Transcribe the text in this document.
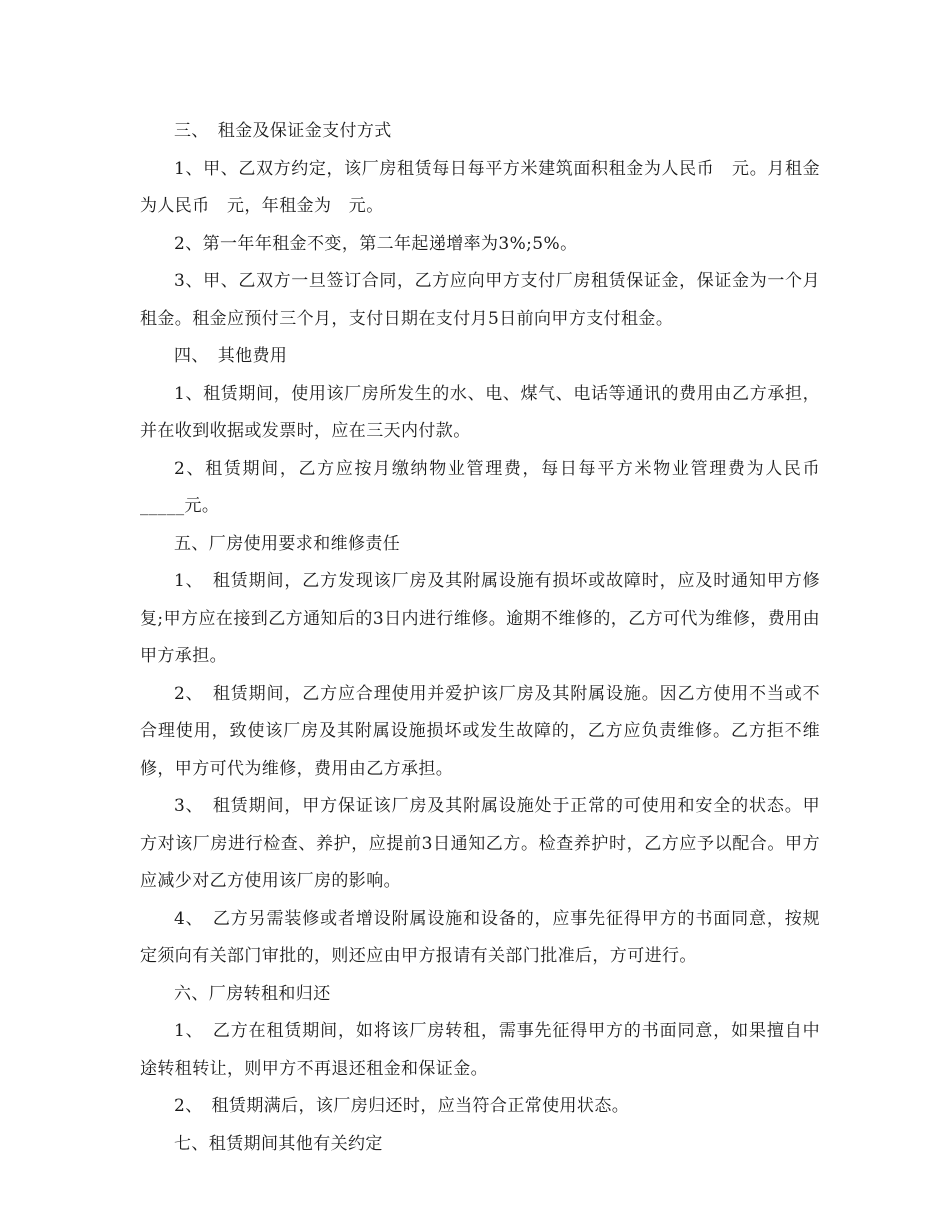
三、　租金及保证金支付方式

1、甲、乙双方约定，该厂房租赁每日每平方米建筑面积租金为人民币　元。月租金为人民币　元，年租金为　元。

2、第一年年租金不变，第二年起递增率为3%;5%。

3、甲、乙双方一旦签订合同，乙方应向甲方支付厂房租赁保证金，保证金为一个月租金。租金应预付三个月，支付日期在支付月5日前向甲方支付租金。

四、　其他费用

1、租赁期间，使用该厂房所发生的水、电、煤气、电话等通讯的费用由乙方承担，并在收到收据或发票时，应在三天内付款。

2、租赁期间，乙方应按月缴纳物业管理费，每日每平方米物业管理费为人民币_____元。

五、厂房使用要求和维修责任

1、　租赁期间，乙方发现该厂房及其附属设施有损坏或故障时，应及时通知甲方修复;甲方应在接到乙方通知后的3日内进行维修。逾期不维修的，乙方可代为维修，费用由甲方承担。

2、　租赁期间，乙方应合理使用并爱护该厂房及其附属设施。因乙方使用不当或不合理使用，致使该厂房及其附属设施损坏或发生故障的，乙方应负责维修。乙方拒不维修，甲方可代为维修，费用由乙方承担。

3、　租赁期间，甲方保证该厂房及其附属设施处于正常的可使用和安全的状态。甲方对该厂房进行检查、养护，应提前3日通知乙方。检查养护时，乙方应予以配合。甲方应减少对乙方使用该厂房的影响。

4、　乙方另需装修或者增设附属设施和设备的，应事先征得甲方的书面同意，按规定须向有关部门审批的，则还应由甲方报请有关部门批准后，方可进行。

六、厂房转租和归还

1、　乙方在租赁期间，如将该厂房转租，需事先征得甲方的书面同意，如果擅自中途转租转让，则甲方不再退还租金和保证金。

2、　租赁期满后，该厂房归还时，应当符合正常使用状态。

七、租赁期间其他有关约定
